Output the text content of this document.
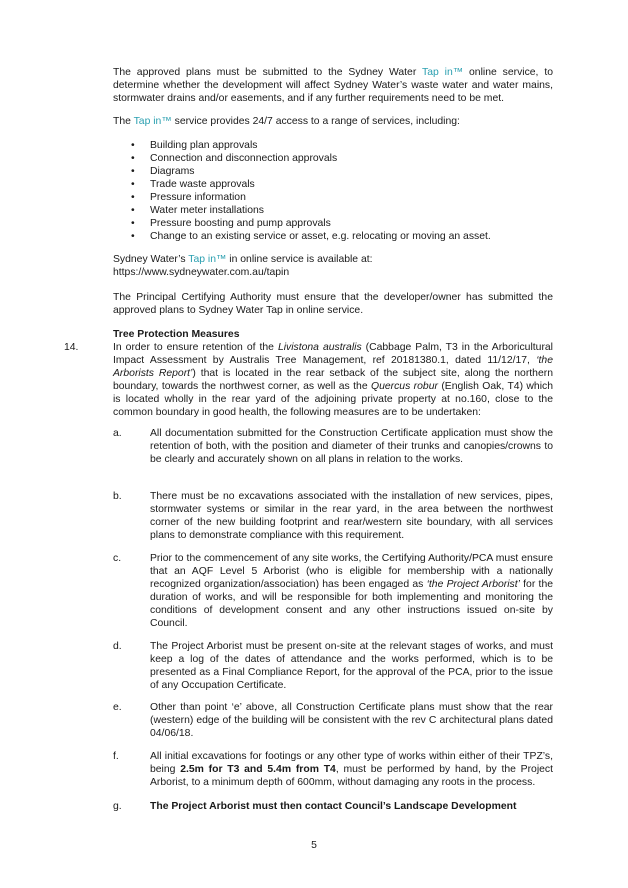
The approved plans must be submitted to the Sydney Water Tap in™ online service, to determine whether the development will affect Sydney Water’s waste water and water mains, stormwater drains and/or easements, and if any further requirements need to be met.

The Tap in™ service provides 24/7 access to a range of services, including:

• Building plan approvals
• Connection and disconnection approvals
• Diagrams
• Trade waste approvals
• Pressure information
• Water meter installations
• Pressure boosting and pump approvals
• Change to an existing service or asset, e.g. relocating or moving an asset.

Sydney Water’s Tap in™ in online service is available at:
https://www.sydneywater.com.au/tapin

The Principal Certifying Authority must ensure that the developer/owner has submitted the approved plans to Sydney Water Tap in online service.

Tree Protection Measures
14.	In order to ensure retention of the Livistona australis (Cabbage Palm, T3 in the Arboricultural Impact Assessment by Australis Tree Management, ref 20181380.1, dated 11/12/17, ‘the Arborists Report’) that is located in the rear setback of the subject site, along the northern boundary, towards the northwest corner, as well as the Quercus robur (English Oak, T4) which is located wholly in the rear yard of the adjoining private property at no.160, close to the common boundary in good health, the following measures are to be undertaken:

a.	All documentation submitted for the Construction Certificate application must show the retention of both, with the position and diameter of their trunks and canopies/crowns to be clearly and accurately shown on all plans in relation to the works.
b.	There must be no excavations associated with the installation of new services, pipes, stormwater systems or similar in the rear yard, in the area between the northwest corner of the new building footprint and rear/western site boundary, with all services plans to demonstrate compliance with this requirement.
c.	Prior to the commencement of any site works, the Certifying Authority/PCA must ensure that an AQF Level 5 Arborist (who is eligible for membership with a nationally recognized organization/association) has been engaged as ‘the Project Arborist’ for the duration of works, and will be responsible for both implementing and monitoring the conditions of development consent and any other instructions issued on-site by Council.
d.	The Project Arborist must be present on-site at the relevant stages of works, and must keep a log of the dates of attendance and the works performed, which is to be presented as a Final Compliance Report, for the approval of the PCA, prior to the issue of any Occupation Certificate.
e.	Other than point ‘e’ above, all Construction Certificate plans must show that the rear (western) edge of the building will be consistent with the rev C architectural plans dated 04/06/18.
f.	All initial excavations for footings or any other type of works within either of their TPZ’s, being 2.5m for T3 and 5.4m from T4, must be performed by hand, by the Project Arborist, to a minimum depth of 600mm, without damaging any roots in the process.
g.	The Project Arborist must then contact Council’s Landscape Development
5
